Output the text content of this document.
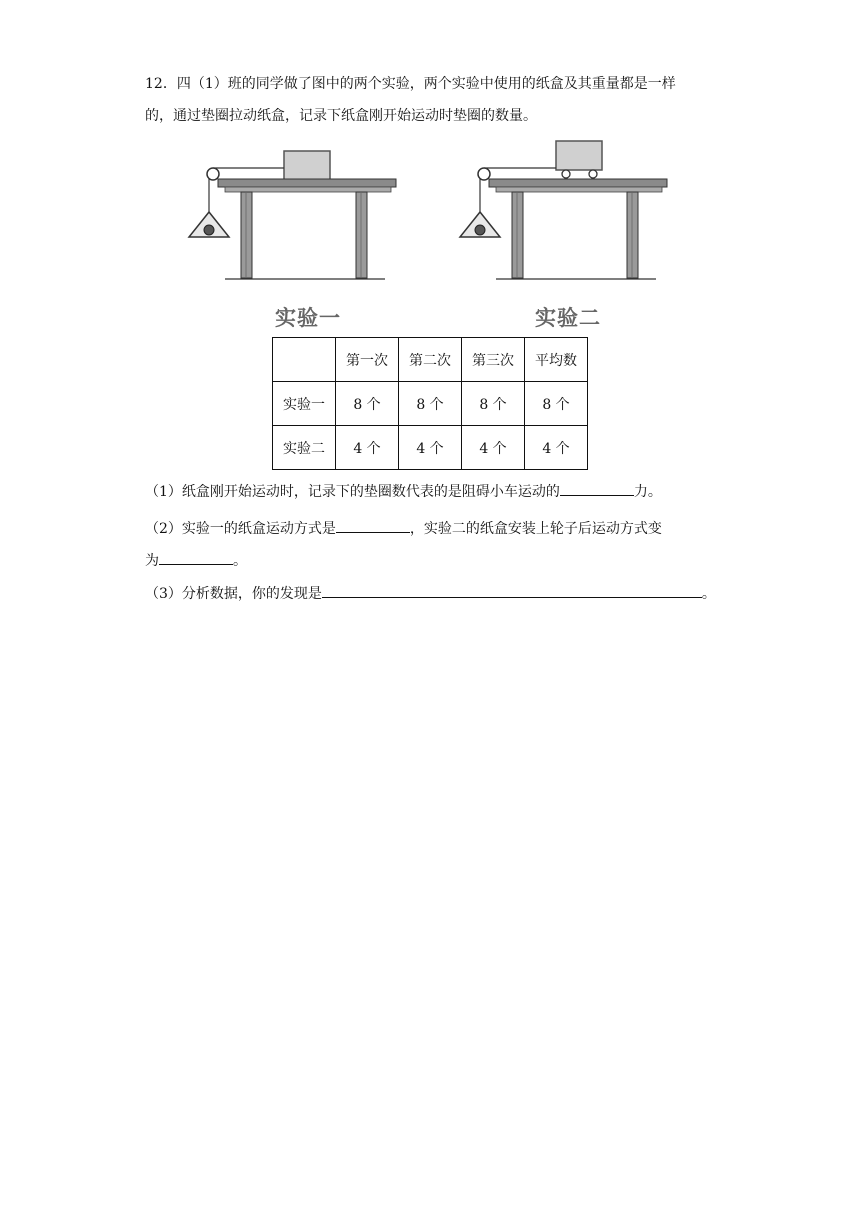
12．四（1）班的同学做了图中的两个实验，两个实验中使用的纸盒及其重量都是一样
的，通过垫圈拉动纸盒，记录下纸盒刚开始运动时垫圈的数量。
实验一	实验二
	第一次	第二次	第三次	平均数
实验一	8 个	8 个	8 个	8 个
实验二	4 个	4 个	4 个	4 个
（1）纸盒刚开始运动时，记录下的垫圈数代表的是阻碍小车运动的	力。
（2）实验一的纸盒运动方式是	，实验二的纸盒安装上轮子后运动方式变
为	。
（3）分析数据，你的发现是	。
